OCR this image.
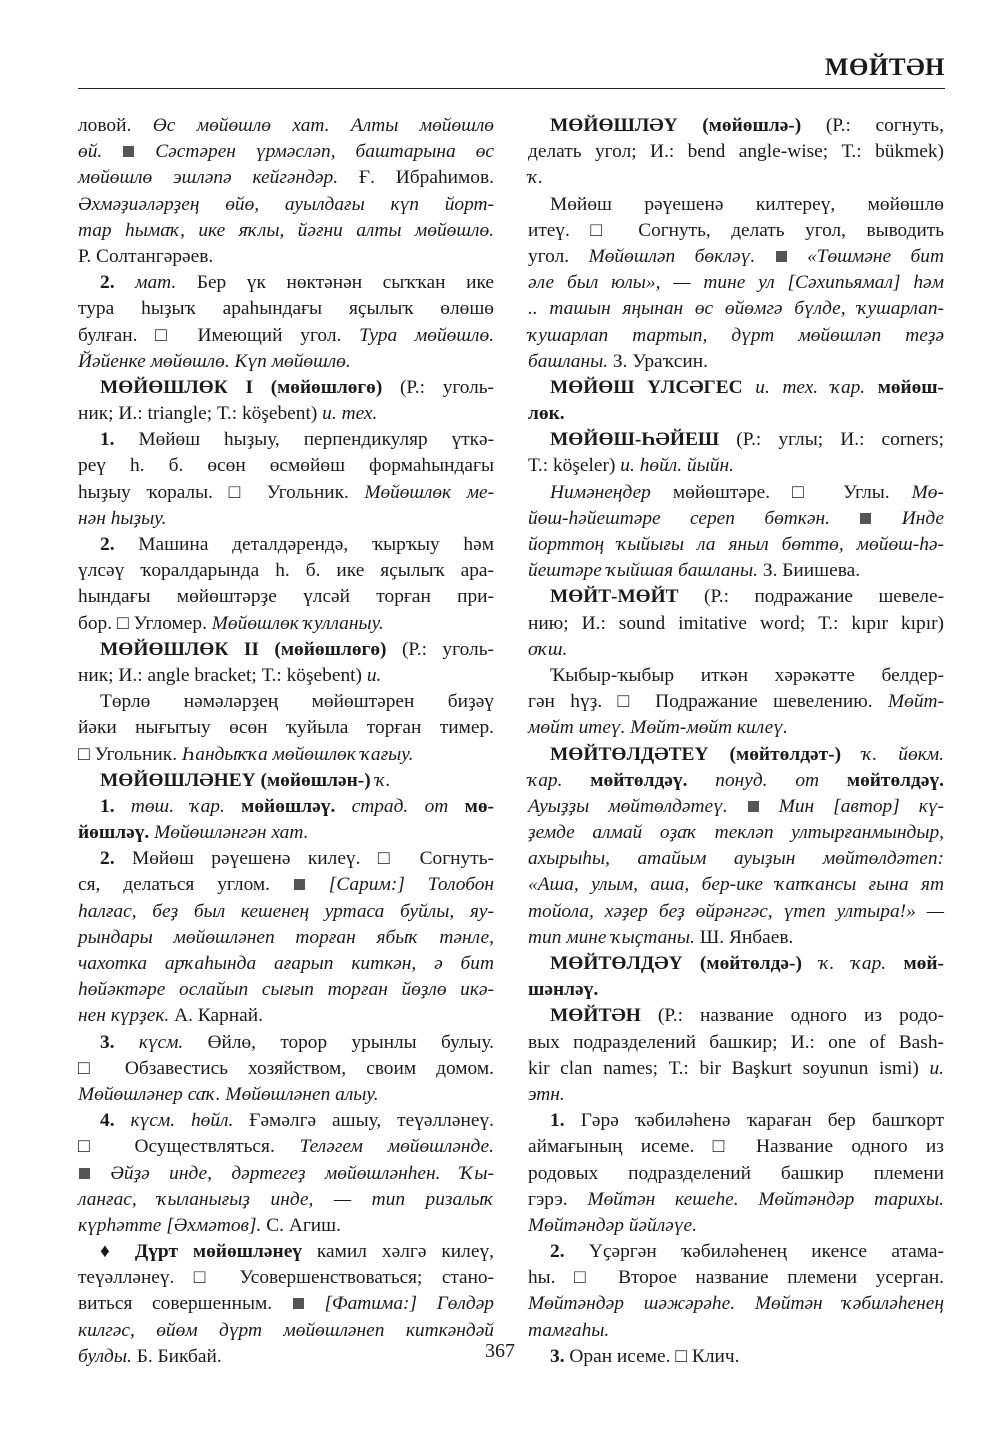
МӨЙТӘН
ловой. Өс мөйөшлө хат. Алты мөйөшлө
өй.  Сәстәрен үрмәсләп, баштарына өс
мөйөшлө эшләпә кейгәндәр. Ғ. Ибраһимов.
Әхмәҙиәләрҙең өйө, ауылдағы күп йорт-
тар һымаҡ, ике яҡлы, йәғни алты мөйөшлө.
Р. Солтангәрәев.
2. мат. Бер үк нөктәнән сыҡҡан ике
тура һыҙыҡ араһындағы яҫылыҡ өлөшө
булған. □ Имеющий угол. Тура мөйөшлө.
Йәйенке мөйөшлө. Күп мөйөшлө.
МӨЙӨШЛӨК I (мөйөшлөгө) (Р.: уголь-
ник; И.: triangle; Т.: köşebent) и. тех.
1. Мөйөш һыҙыу, перпендикуляр үткә-
реү һ. б. өсөн өсмөйөш формаһындағы
һыҙыу ҡоралы. □ Угольник. Мөйөшлөк ме-
нән һыҙыу.
2. Машина деталдәрендә, ҡырҡыу һәм
үлсәү ҡоралдарында һ. б. ике яҫылыҡ ара-
һындағы мөйөштәрҙе үлсәй торған при-
бор. □ Угломер. Мөйөшлөк ҡулланыу.
МӨЙӨШЛӨК II (мөйөшлөгө) (Р.: уголь-
ник; И.: angle bracket; Т.: köşebent) и.
Төрлө нәмәләрҙең мөйөштәрен биҙәү
йәки нығытыу өсөн ҡуйыла торған тимер.
□ Угольник. Һандыҡҡа мөйөшлөк ҡағыу.
МӨЙӨШЛӘНЕҮ (мөйөшлән-) ҡ.
1. төш. ҡар. мөйөшләү. страд. от мө-
йөшләү. Мөйөшләнгән хат.
2. Мөйөш рәүешенә килеү. □ Согнуть-
ся, делаться углом.  [Сарим:] Толобон
һалғас, беҙ был кешенең уртаса буйлы, яу-
рындары мөйөшләнеп торған ябыҡ тәнле,
чахотка арҡаһында ағарып киткән, ә бит
һөйәктәре ослайып сығып торған йөҙлө икә-
нен күрҙек. А. Карнай.
3. күсм. Өйлө, торор урынлы булыу.
□ Обзавестись хозяйством, своим домом.
Мөйөшләнер саҡ. Мөйөшләнеп алыу.
4. күсм. һөйл. Ғәмәлгә ашыу, теүәлләнеү.
□ Осуществляться. Теләгем мөйөшләнде.
Әйҙә инде, дәртегеҙ мөйөшләнһен. Ҡы-
ланғас, ҡыланығыҙ инде, — тип ризалыҡ
күрһәтте [Әхмәтов]. С. Агиш.
♦ Дүрт мөйөшләнеү камил хәлгә килеү,
теүәлләнеү. □ Усовершенствоваться; стано-
виться совершенным.  [Фатима:] Гөлдәр
килгәс, өйөм дүрт мөйөшләнеп киткәндәй
булды. Б. Бикбай.
МӨЙӨШЛӘҮ (мөйөшлә-) (Р.: согнуть,
делать угол; И.: bend angle-wise; Т.: bükmek)
ҡ.
Мөйөш рәүешенә килтереү, мөйөшлө
итеү. □ Согнуть, делать угол, выводить
угол. Мөйөшләп бөкләү.  «Төшмәне бит
әле был юлы», — тине ул [Сәхипьямал] һәм
.. ташын яңынан өс өйөмгә бүлде, ҡушарлап-
ҡушарлап тартып, дүрт мөйөшләп теҙә
башланы. З. Ураҡсин.
МӨЙӨШ ҮЛСӘГЕС и. тех. ҡар. мөйөш-
лөк.
МӨЙӨШ-ҺӘЙЕШ (Р.: углы; И.: corners;
Т.: köşeler) и. һөйл. йыйн.
Нимәнеңдер мөйөштәре. □ Углы. Мө-
йөш-һәйештәре сереп бөткән.  Инде
йорттоң ҡыйығы ла яныл бөттө, мөйөш-һә-
йештәре ҡыйшая башланы. З. Биишева.
МӨЙТ-МӨЙТ (Р.: подражание шевеле-
нию; И.: sound imitative word; Т.: kıpır kıpır)
оҡш.
Ҡыбыр-ҡыбыр иткән хәрәкәтте белдер-
гән һүҙ. □ Подражание шевелению. Мөйт-
мөйт итеү. Мөйт-мөйт килеү.
МӨЙТӨЛДӘТЕҮ (мөйтөлдәт-) ҡ. йөкм.
ҡар. мөйтөлдәү. понуд. от мөйтөлдәү.
Ауыҙҙы мөйтөлдәтеү.  Мин [автор] кү-
ҙемде алмай оҙаҡ текләп ултырғанмындыр,
ахырыһы, атайым ауыҙын мөйтөлдәтеп:
«Аша, улым, аша, бер-ике ҡапҡансы ғына ят
тойола, хәҙер беҙ өйрәнгәс, үтеп ултыра!» —
тип мине ҡыҫтаны. Ш. Янбаев.
МӨЙТӨЛДӘҮ (мөйтөлдә-) ҡ. ҡар. мөй-
шәнләү.
МӨЙТӘН (Р.: название одного из родо-
вых подразделений башкир; И.: one of Bash-
kir clan names; Т.: bir Başkurt soyunun ismi) и.
этн.
1. Гәрә ҡәбиләһенә ҡараған бер башҡорт
аймағының исеме. □ Название одного из
родовых подразделений башкир племени
гэрэ. Мөйтән кешеһе. Мөйтәндәр тарихы.
Мөйтәндәр йәйләүе.
2. Үҫәргән ҡәбиләһенең икенсе атама-
һы. □ Второе название племени усерган.
Мөйтәндәр шәжәрәһе. Мөйтән ҡәбиләһенең
тамғаһы.
3. Оран исеме. □ Клич.
367
